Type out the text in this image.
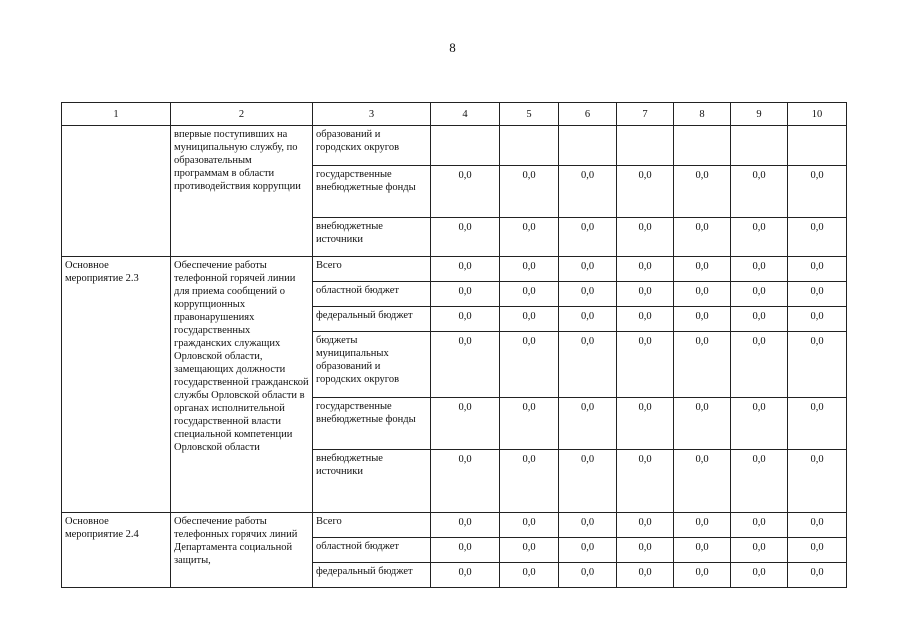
8
1	2	3	4	5	6	7	8	9	10
	впервые поступивших на муниципальную службу, по образовательным программам в области противодействия коррупции	образований и городских округов							
		государственные внебюджетные фонды	0,0	0,0	0,0	0,0	0,0	0,0	0,0
		внебюджетные источники	0,0	0,0	0,0	0,0	0,0	0,0	0,0
Основное мероприятие 2.3	Обеспечение работы телефонной горячей линии для приема сообщений о коррупционных правонарушениях государственных гражданских служащих Орловской области, замещающих должности государственной гражданской службы Орловской области в органах исполнительной государственной власти специальной компетенции Орловской области	Всего	0,0	0,0	0,0	0,0	0,0	0,0	0,0
		областной бюджет	0,0	0,0	0,0	0,0	0,0	0,0	0,0
		федеральный бюджет	0,0	0,0	0,0	0,0	0,0	0,0	0,0
		бюджеты муниципальных образований и городских округов	0,0	0,0	0,0	0,0	0,0	0,0	0,0
		государственные внебюджетные фонды	0,0	0,0	0,0	0,0	0,0	0,0	0,0
		внебюджетные источники	0,0	0,0	0,0	0,0	0,0	0,0	0,0
Основное мероприятие 2.4	Обеспечение работы телефонных горячих линий Департамента социальной защиты,	Всего	0,0	0,0	0,0	0,0	0,0	0,0	0,0
		областной бюджет	0,0	0,0	0,0	0,0	0,0	0,0	0,0
		федеральный бюджет	0,0	0,0	0,0	0,0	0,0	0,0	0,0
